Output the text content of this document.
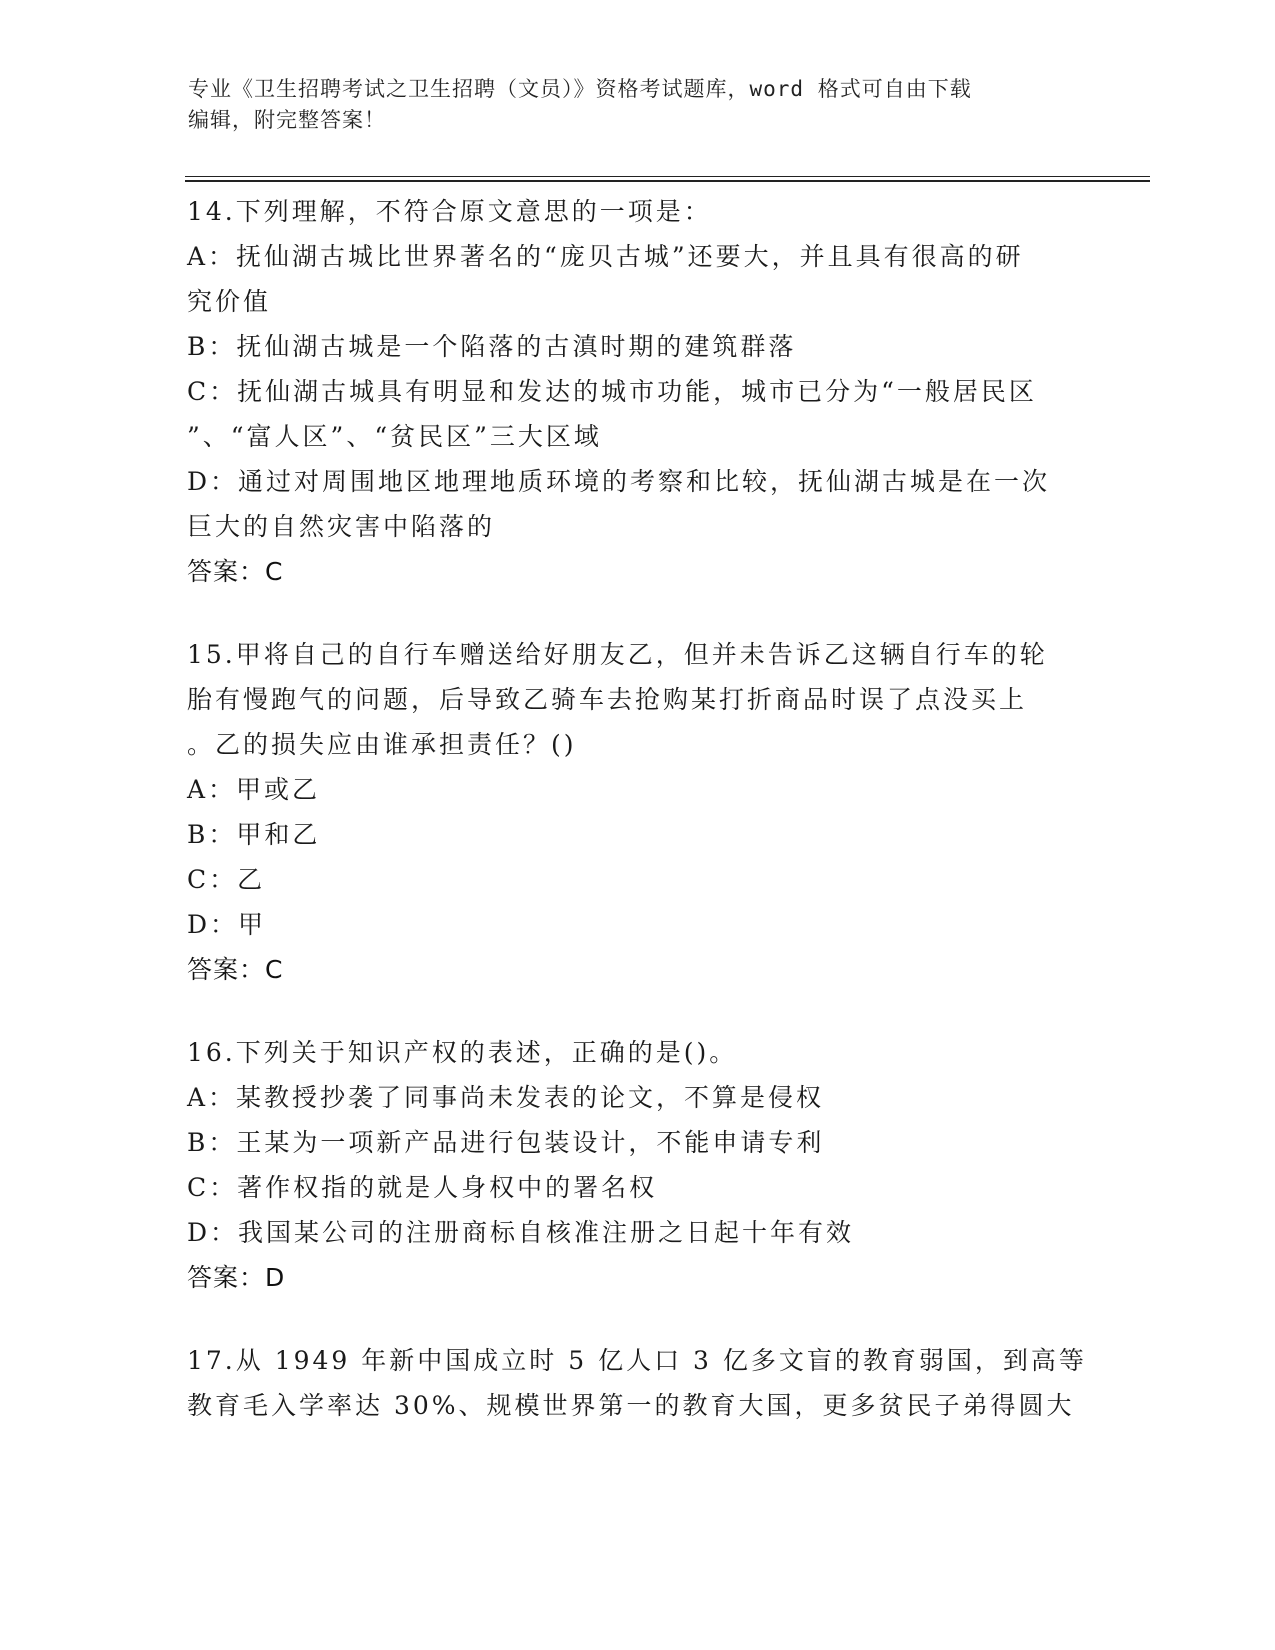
专业《卫生招聘考试之卫生招聘（文员）》资格考试题库，word 格式可自由下载
编辑，附完整答案！
14.下列理解，不符合原文意思的一项是：
A：抚仙湖古城比世界著名的“庞贝古城”还要大，并且具有很高的研
究价值
B：抚仙湖古城是一个陷落的古滇时期的建筑群落
C：抚仙湖古城具有明显和发达的城市功能，城市已分为“一般居民区
”、“富人区”、“贫民区”三大区域
D：通过对周围地区地理地质环境的考察和比较，抚仙湖古城是在一次
巨大的自然灾害中陷落的
答案：C
15.甲将自己的自行车赠送给好朋友乙，但并未告诉乙这辆自行车的轮
胎有慢跑气的问题，后导致乙骑车去抢购某打折商品时误了点没买上
。乙的损失应由谁承担责任？()
A：甲或乙
B：甲和乙
C：乙
D：甲
答案：C
16.下列关于知识产权的表述，正确的是()。
A：某教授抄袭了同事尚未发表的论文，不算是侵权
B：王某为一项新产品进行包装设计，不能申请专利
C：著作权指的就是人身权中的署名权
D：我国某公司的注册商标自核准注册之日起十年有效
答案：D
17.从 1949 年新中国成立时 5 亿人口 3 亿多文盲的教育弱国，到高等
教育毛入学率达 30%、规模世界第一的教育大国，更多贫民子弟得圆大
